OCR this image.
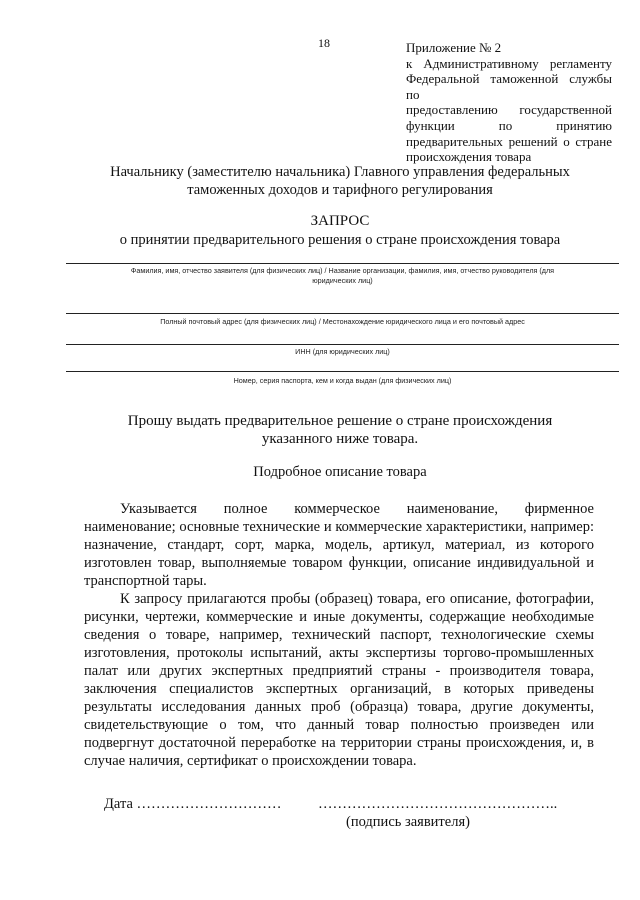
18	Приложение № 2
к Административному регламенту
Федеральной таможенной службы по
предоставлению государственной
функции по принятию
предварительных решений о стране
происхождения товара
Начальнику (заместителю начальника) Главного управления федеральных
таможенных доходов и тарифного регулирования
ЗАПРОС
о принятии предварительного решения о стране происхождения товара
Фамилия, имя, отчество заявителя (для физических лиц) / Название организации, фамилия, имя, отчество руководителя (для
юридических лиц)
Полный почтовый адрес (для физических лиц) / Местонахождение юридического лица и его почтовый адрес
ИНН (для юридических лиц)
Номер, серия паспорта, кем и когда выдан (для физических лиц)
Прошу выдать предварительное решение о стране происхождения
указанного ниже товара.
Подробное описание товара

Указывается полное коммерческое наименование, фирменное наименование; основные технические и коммерческие характеристики, например: назначение, стандарт, сорт, марка, модель, артикул, материал, из которого изготовлен товар, выполняемые товаром функции, описание индивидуальной и транспортной тары.

К запросу прилагаются пробы (образец) товара, его описание, фотографии, рисунки, чертежи, коммерческие и иные документы, содержащие необходимые сведения о товаре, например, технический паспорт, технологические схемы изготовления, протоколы испытаний, акты экспертизы торгово-промышленных палат или других экспертных предприятий страны - производителя товара, заключения специалистов экспертных организаций, в которых приведены результаты исследования данных проб (образца) товара, другие документы, свидетельствующие о том, что данный товар полностью произведен или подвергнут достаточной переработке на территории страны происхождения, и, в случае наличия, сертификат о происхождении товара.

Дата …………………………	…………………………………………..
(подпись заявителя)
